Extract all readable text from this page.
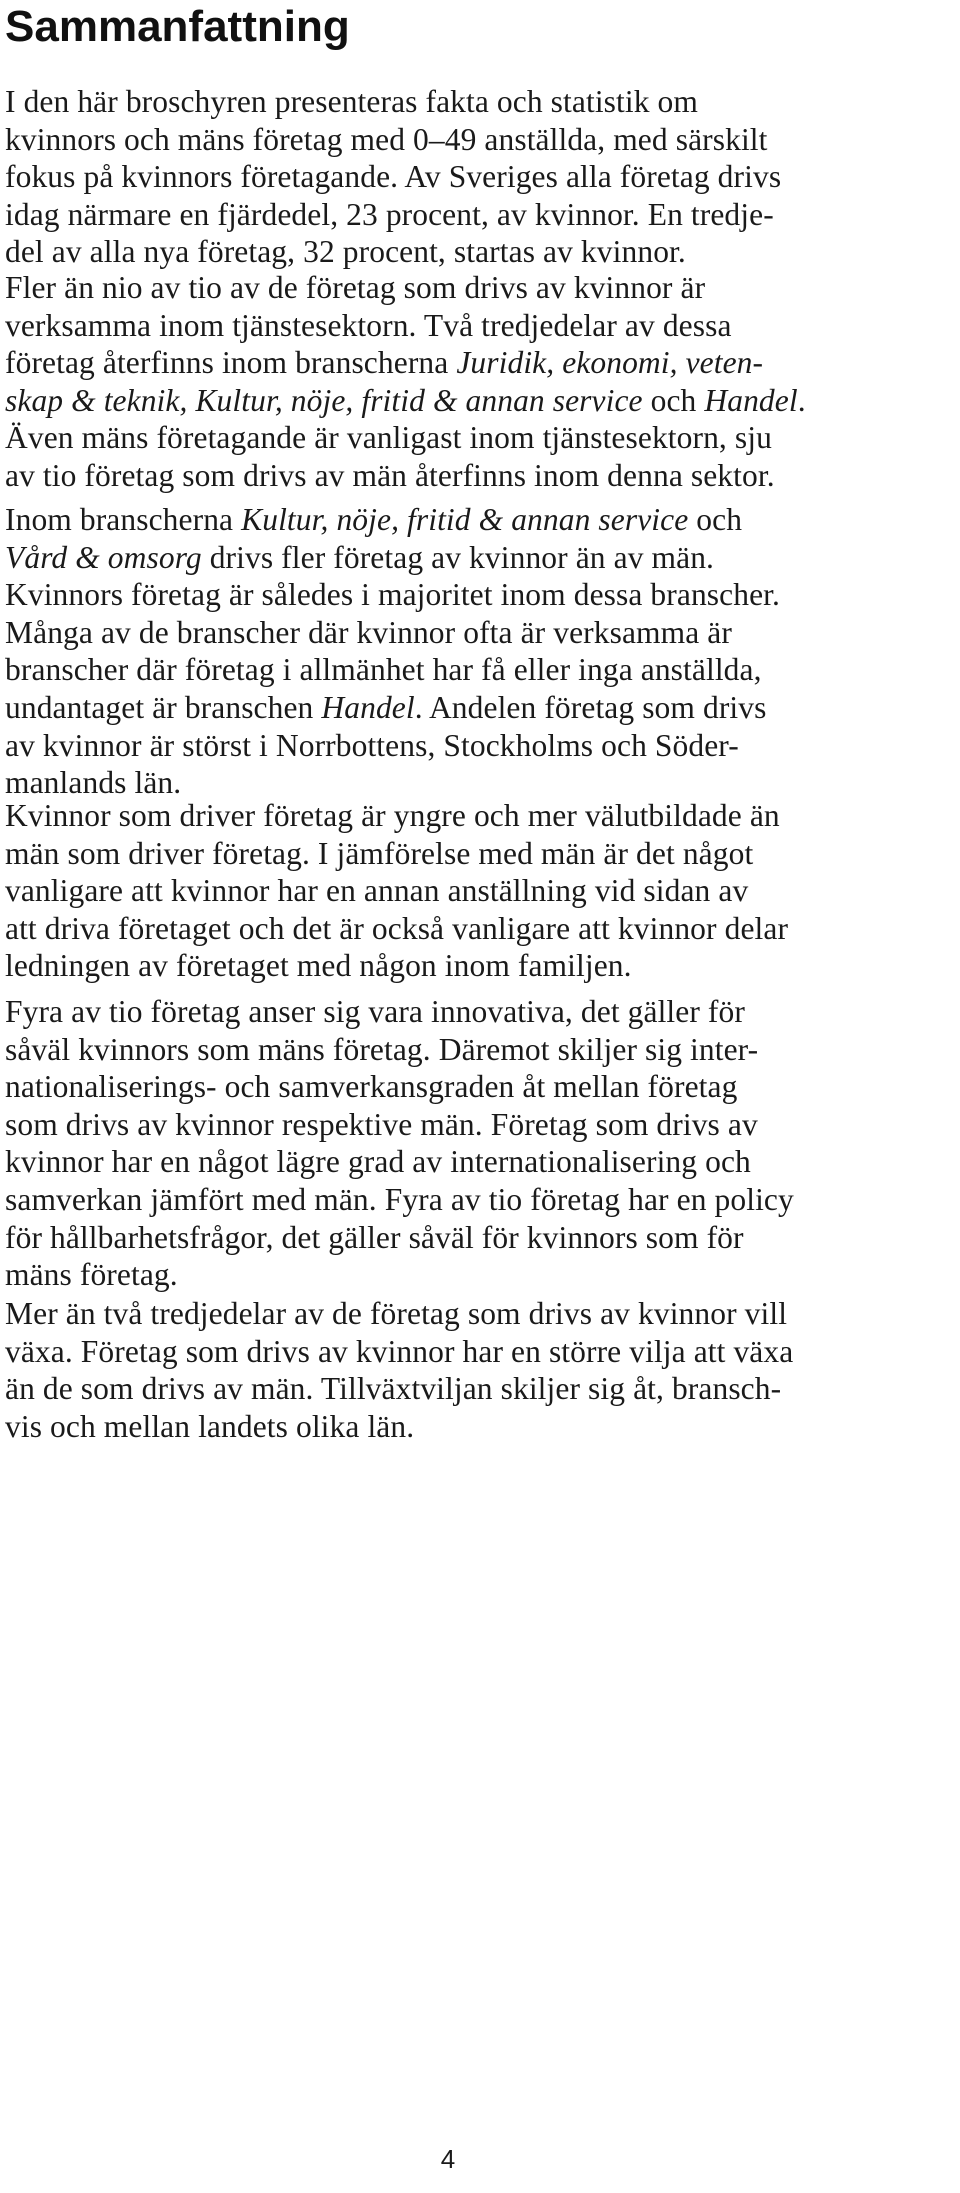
Sammanfattning

I den här broschyren presenteras fakta och statistik om

kvinnors och mäns företag med 0–49 anställda, med särskilt

fokus på kvinnors företagande. Av Sveriges alla företag drivs

idag närmare en fjärdedel, 23 procent, av kvinnor. En tredje-

del av alla nya företag, 32 procent, startas av kvinnor.

Fler än nio av tio av de företag som drivs av kvinnor är

verksamma inom tjänstesektorn. Två tredjedelar av dessa

företag återfinns inom branscherna Juridik, ekonomi, veten-

skap & teknik, Kultur, nöje, fritid & annan service och Handel.

Även mäns företagande är vanligast inom tjänstesektorn, sju

av tio företag som drivs av män återfinns inom denna sektor.

Inom branscherna Kultur, nöje, fritid & annan service och

Vård & omsorg drivs fler företag av kvinnor än av män.

Kvinnors företag är således i majoritet inom dessa branscher.

Många av de branscher där kvinnor ofta är verksamma är

branscher där företag i allmänhet har få eller inga anställda,

undantaget är branschen Handel. Andelen företag som drivs

av kvinnor är störst i Norrbottens, Stockholms och Söder-

manlands län.

Kvinnor som driver företag är yngre och mer välutbildade än

män som driver företag. I jämförelse med män är det något

vanligare att kvinnor har en annan anställning vid sidan av

att driva företaget och det är också vanligare att kvinnor delar

ledningen av företaget med någon inom familjen.

Fyra av tio företag anser sig vara innovativa, det gäller för

såväl kvinnors som mäns företag. Däremot skiljer sig inter-

nationaliserings- och samverkansgraden åt mellan företag

som drivs av kvinnor respektive män. Företag som drivs av

kvinnor har en något lägre grad av internationalisering och

samverkan jämfört med män. Fyra av tio företag har en policy

för hållbarhetsfrågor, det gäller såväl för kvinnors som för

mäns företag.

Mer än två tredjedelar av de företag som drivs av kvinnor vill

växa. Företag som drivs av kvinnor har en större vilja att växa

än de som drivs av män. Tillväxtviljan skiljer sig åt, bransch-

vis och mellan landets olika län.

4
